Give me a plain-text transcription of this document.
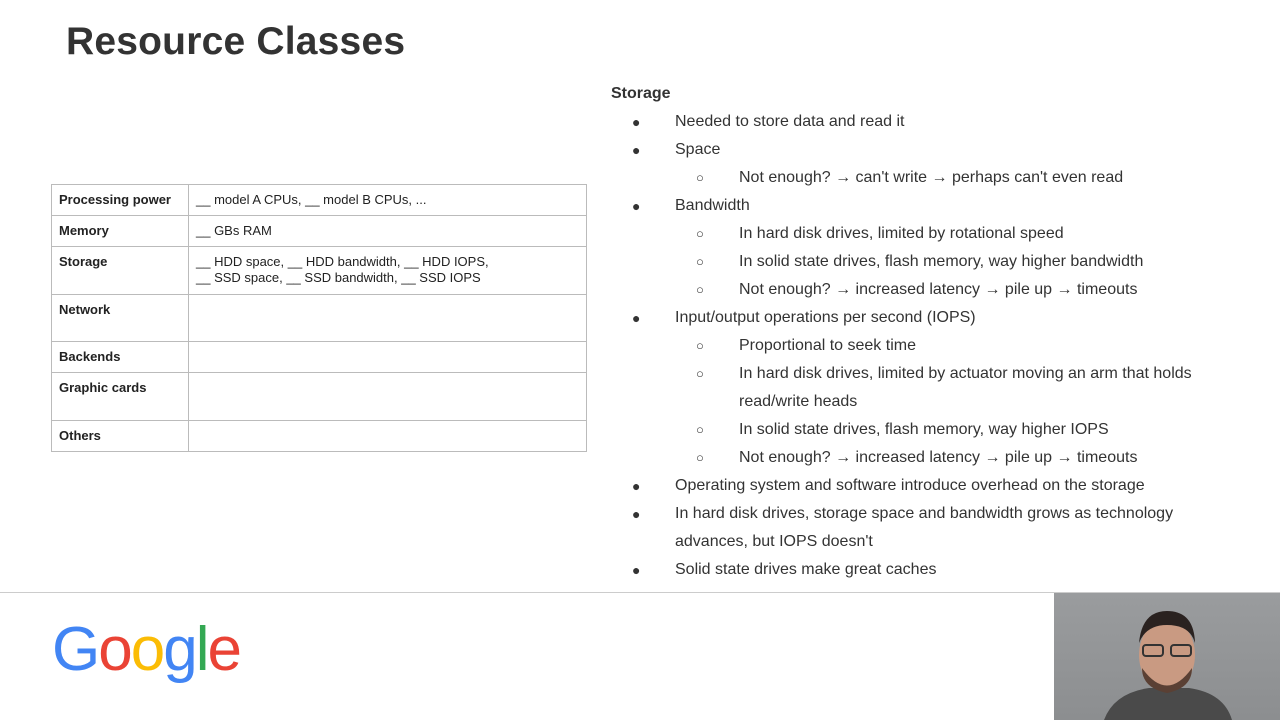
Resource Classes
Processing power	__ model A CPUs, __ model B CPUs, ...
Memory	__ GBs RAM
Storage	__ HDD space, __ HDD bandwidth, __ HDD IOPS,
__ SSD space, __ SSD bandwidth, __ SSD IOPS

Network	
Backends	
Graphic cards	
Others	
Storage
● Needed to store data and read it
● Space
○ Not enough? → can't write → perhaps can't even read
● Bandwidth
○ In hard disk drives, limited by rotational speed
○ In solid state drives, flash memory, way higher bandwidth
○ Not enough? → increased latency → pile up → timeouts
● Input/output operations per second (IOPS)
○ Proportional to seek time
○ In hard disk drives, limited by actuator moving an arm that holds read/write heads
○ In solid state drives, flash memory, way higher IOPS
○ Not enough? → increased latency → pile up → timeouts
● Operating system and software introduce overhead on the storage
● In hard disk drives, storage space and bandwidth grows as technology advances, but IOPS doesn't
● Solid state drives make great caches
Google
